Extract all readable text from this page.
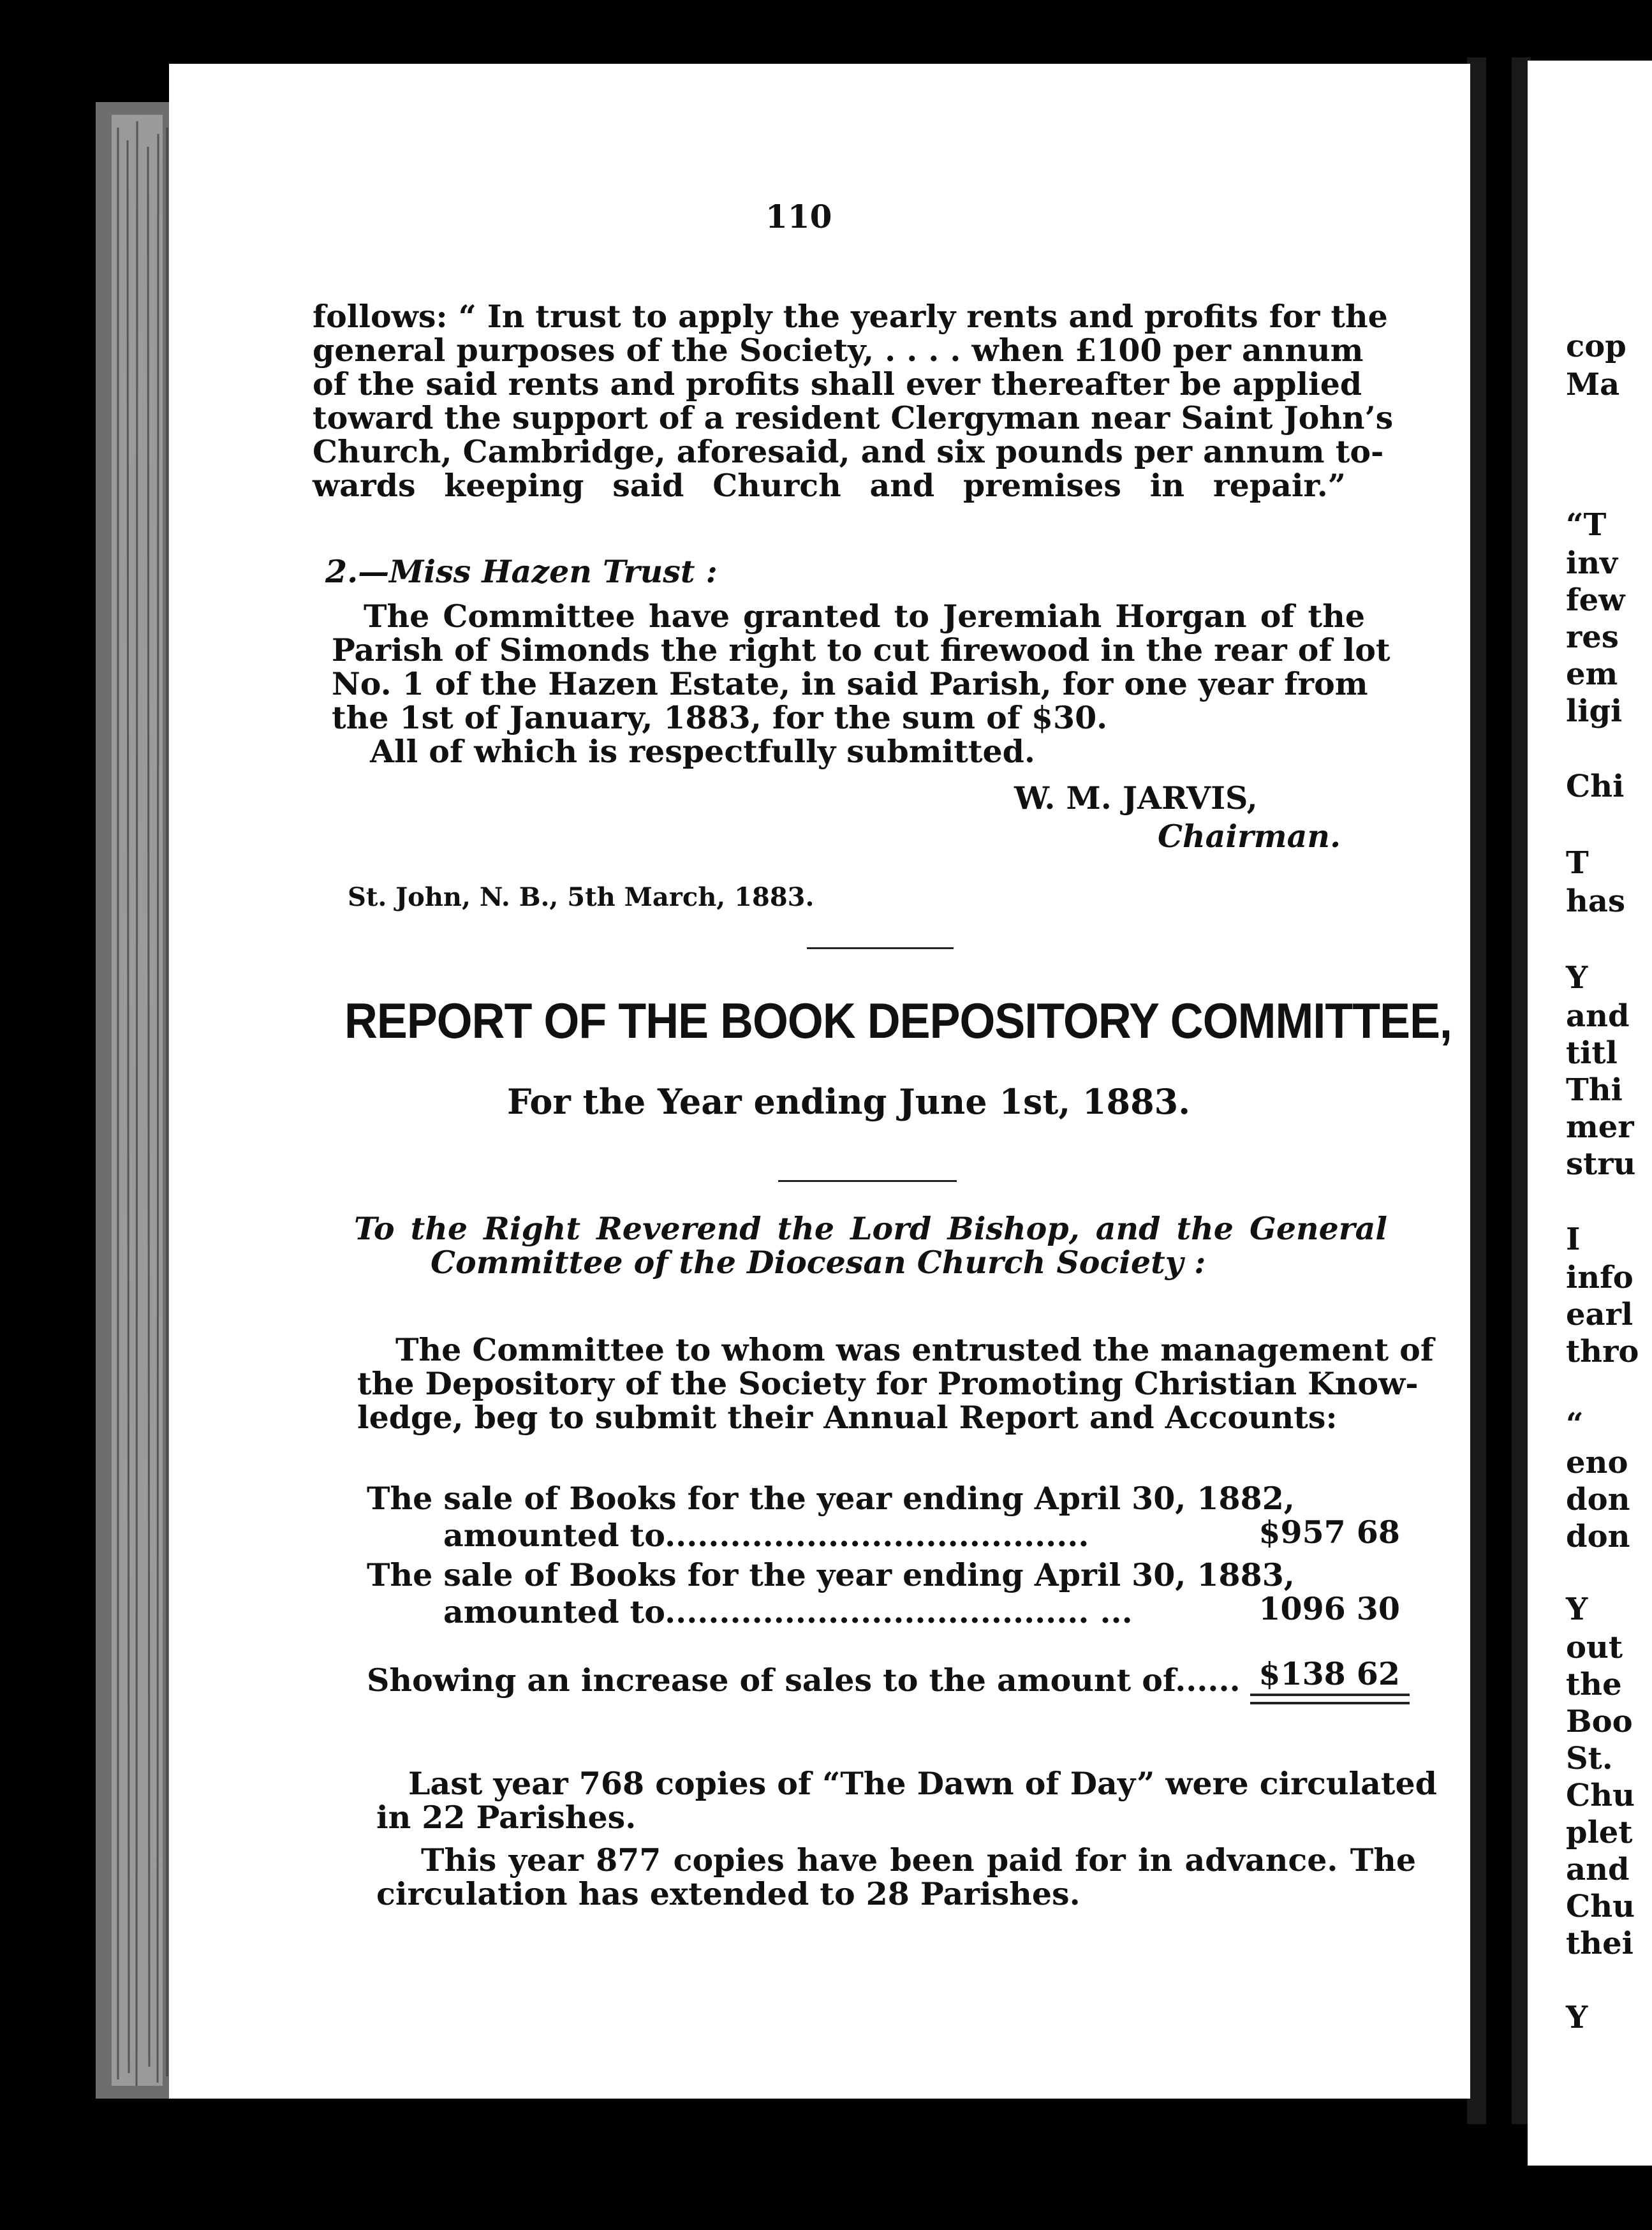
cop
Ma
“T
inv
few
res
em
ligi
Chi
T
has
Y
and
titl
Thi
mer
stru
I
info
earl
thro
“
eno
don
don
Y
out
the
Boo
St.
Chu
plet
and
Chu
thei
Y
110
follows: “ In trust to apply the yearly rents and profits for the
general purposes of the Society, . . . . when £100 per annum
of the said rents and profits shall ever thereafter be applied
toward the support of a resident Clergyman near Saint John’s
Church, Cambridge, aforesaid, and six pounds per annum to-
wards keeping said Church and premises in repair.”
2.—Miss Hazen Trust :
The Committee have granted to Jeremiah Horgan of the
Parish of Simonds the right to cut firewood in the rear of lot
No. 1 of the Hazen Estate, in said Parish, for one year from
the 1st of January, 1883, for the sum of $30.
All of which is respectfully submitted.
W. M. JARVIS,
Chairman.
St. John, N. B., 5th March, 1883.
REPORT OF THE BOOK DEPOSITORY COMMITTEE,
For the Year ending June 1st, 1883.
To the Right Reverend the Lord Bishop, and the General
Committee of the Diocesan Church Society :
The Committee to whom was entrusted the management of
the Depository of the Society for Promoting Christian Know-
ledge, beg to submit their Annual Report and Accounts:
The sale of Books for the year ending April 30, 1882,
amounted to.......................................	$957 68
The sale of Books for the year ending April 30, 1883,
amounted to....................................... ...	1096 30
Showing an increase of sales to the amount of...... $138 62
Last year 768 copies of “The Dawn of Day” were circulated
in 22 Parishes.
This year 877 copies have been paid for in advance. The
circulation has extended to 28 Parishes.
